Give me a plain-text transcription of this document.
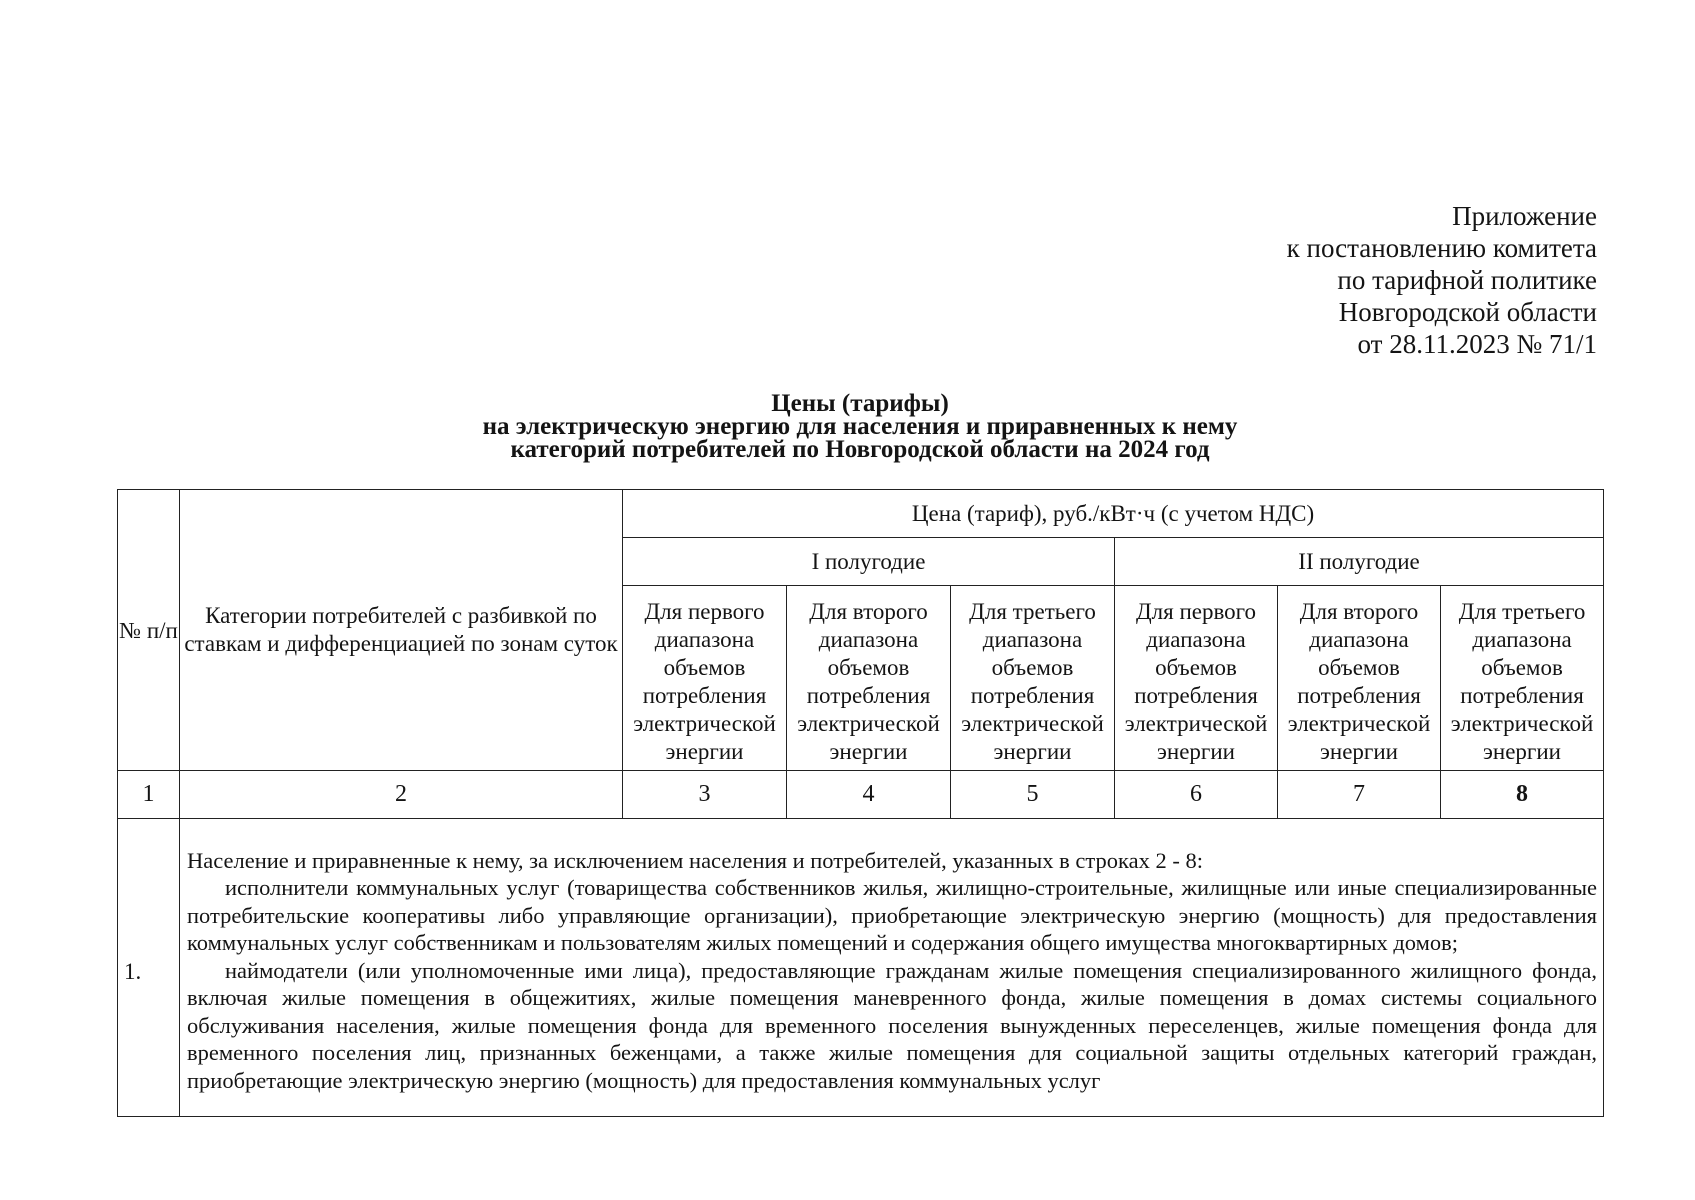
Приложение
к постановлению комитета
по тарифной политике
Новгородской области
от 28.11.2023 № 71/1
Цены (тарифы)
на электрическую энергию для населения и приравненных к нему
категорий потребителей по Новгородской области на 2024 год
№ п/п	Категории потребителей с разбивкой по ставкам и дифференциацией по зонам суток	Цена (тариф), руб./кВт·ч (с учетом НДС)					
		I полугодие			II полугодие		
		Для первого диапазона объемов потребления электрической энергии	Для второго диапазона объемов потребления электрической энергии	Для третьего диапазона объемов потребления электрической энергии	Для первого диапазона объемов потребления электрической энергии	Для второго диапазона объемов потребления электрической энергии	Для третьего диапазона объемов потребления электрической энергии
1	2	3	4	5	6	7	8
1.	Население и приравненные к нему, за исключением населения и потребителей, указанных в строках 2 - 8:

исполнители коммунальных услуг (товарищества собственников жилья, жилищно-строительные, жилищные или иные специализированные потребительские кооперативы либо управляющие организации), приобретающие электрическую энергию (мощность) для предоставления коммунальных услуг собственникам и пользователям жилых помещений и содержания общего имущества многоквартирных домов;

наймодатели (или уполномоченные ими лица), предоставляющие гражданам жилые помещения специализированного жилищного фонда, включая жилые помещения в общежитиях, жилые помещения маневренного фонда, жилые помещения в домах системы социального обслуживания населения, жилые помещения фонда для временного поселения вынужденных переселенцев, жилые помещения фонда для временного поселения лиц, признанных беженцами, а также жилые помещения для социальной защиты отдельных категорий граждан, приобретающие электрическую энергию (мощность) для предоставления коммунальных услуг						
